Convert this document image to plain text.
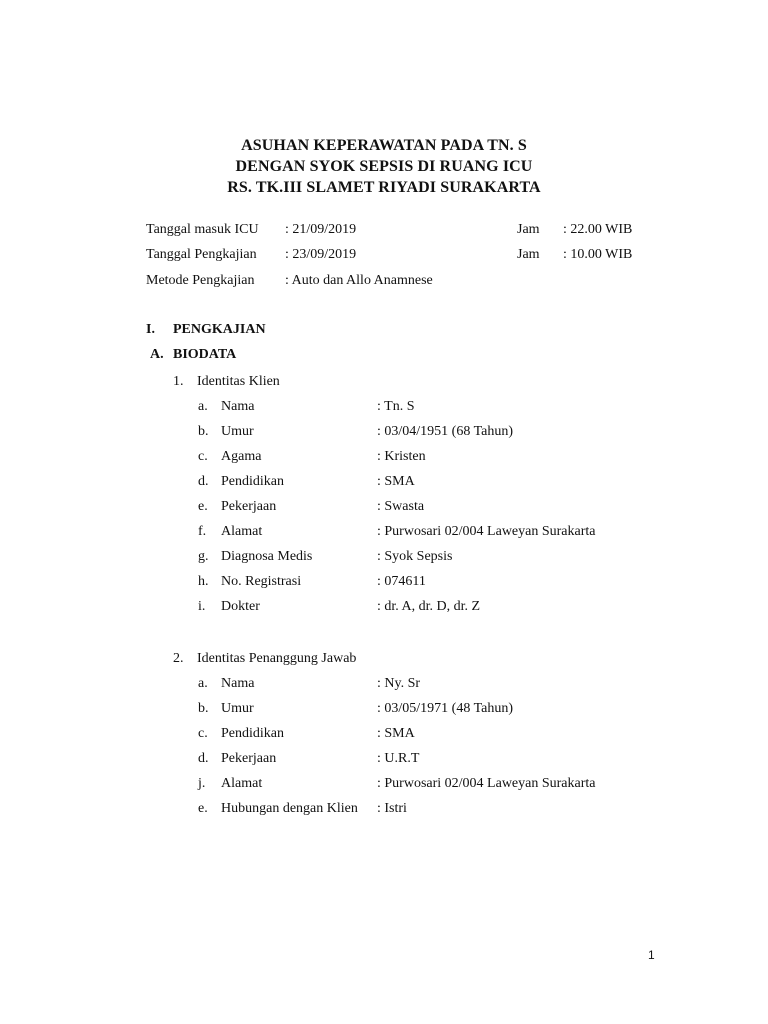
ASUHAN KEPERAWATAN PADA TN. S
DENGAN SYOK SEPSIS DI RUANG ICU
RS. TK.III SLAMET RIYADI SURAKARTA
Tanggal masuk ICU : 21/09/2019	Jam : 22.00 WIB
Tanggal Pengkajian : 23/09/2019	Jam : 10.00 WIB
Metode Pengkajian : Auto dan Allo Anamnese
I. PENGKAJIAN
A. BIODATA
1. Identitas Klien
a. Nama	: Tn. S
b. Umur	: 03/04/1951 (68 Tahun)
c. Agama	: Kristen
d. Pendidikan	: SMA
e. Pekerjaan	: Swasta
f. Alamat	: Purwosari 02/004 Laweyan Surakarta
g. Diagnosa Medis	: Syok Sepsis
h. No. Registrasi	: 074611
i. Dokter	: dr. A, dr. D, dr. Z
2. Identitas Penanggung Jawab
a. Nama	: Ny. Sr
b. Umur	: 03/05/1971 (48 Tahun)
c. Pendidikan	: SMA
d. Pekerjaan	: U.R.T
j. Alamat	: Purwosari 02/004 Laweyan Surakarta
e. Hubungan dengan Klien : Istri
1
